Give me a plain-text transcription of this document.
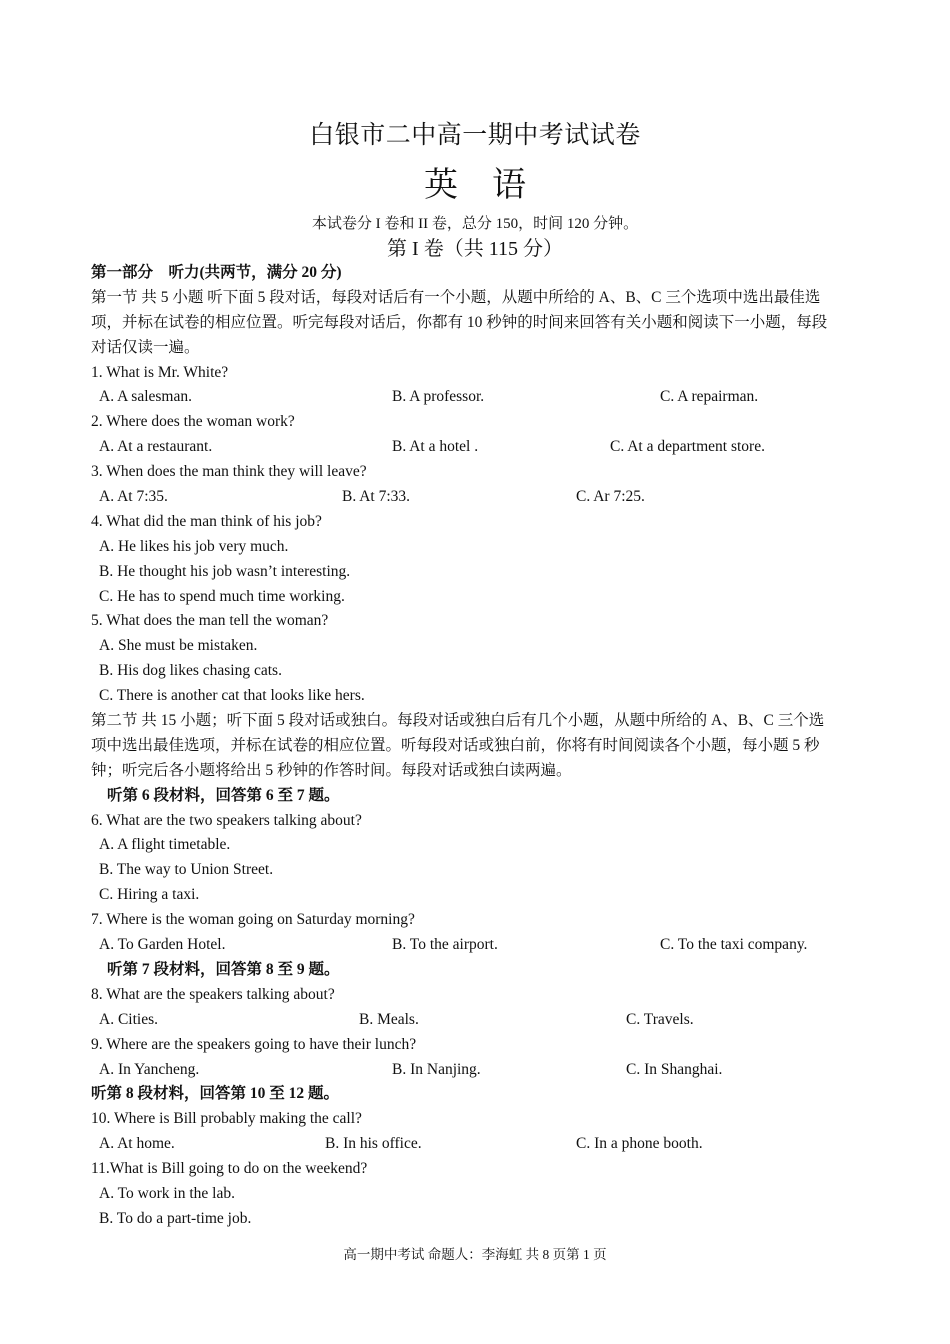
白银市二中高一期中考试试卷
英　语
本试卷分 I 卷和 II 卷，总分 150，时间 120 分钟。
第 I 卷（共 115 分）
第一部分　听力(共两节，满分 20 分)
第一节 共 5 小题 听下面 5 段对话，每段对话后有一个小题，从题中所给的 A、B、C 三个选项中选出最佳选
项，并标在试卷的相应位置。听完每段对话后，你都有 10 秒钟的时间来回答有关小题和阅读下一小题，每段
对话仅读一遍。
1. What is Mr. White?
A. A salesman.	B. A professor.	C. A repairman.
2. Where does the woman work?
A. At a restaurant.	B. At a hotel .	C. At a department store.
3. When does the man think they will leave?
A. At 7:35.	B. At 7:33.	C. Ar 7:25.
4. What did the man think of his job?
A. He likes his job very much.
B. He thought his job wasn’t interesting.
C. He has to spend much time working.
5. What does the man tell the woman?
A. She must be mistaken.
B. His dog likes chasing cats.
C. There is another cat that looks like hers.
第二节 共 15 小题；听下面 5 段对话或独白。每段对话或独白后有几个小题，从题中所给的 A、B、C 三个选
项中选出最佳选项，并标在试卷的相应位置。听每段对话或独白前，你将有时间阅读各个小题，每小题 5 秒
钟；听完后各小题将给出 5 秒钟的作答时间。每段对话或独白读两遍。
听第 6 段材料，回答第 6 至 7 题。
6. What are the two speakers talking about?
A. A flight timetable.
B. The way to Union Street.
C. Hiring a taxi.
7. Where is the woman going on Saturday morning?
A. To Garden Hotel.	B. To the airport.	C. To the taxi company.
听第 7 段材料，回答第 8 至 9 题。
8. What are the speakers talking about?
A. Cities.	B. Meals.	C. Travels.
9. Where are the speakers going to have their lunch?
A. In Yancheng.	B. In Nanjing.	C. In Shanghai.
听第 8 段材料，回答第 10 至 12 题。
10. Where is Bill probably making the call?
A. At home.	B. In his office.	C. In a phone booth.
11.What is Bill going to do on the weekend?
A. To work in the lab.
B. To do a part-time job.
高一期中考试 命题人：李海虹 共 8 页第 1 页
